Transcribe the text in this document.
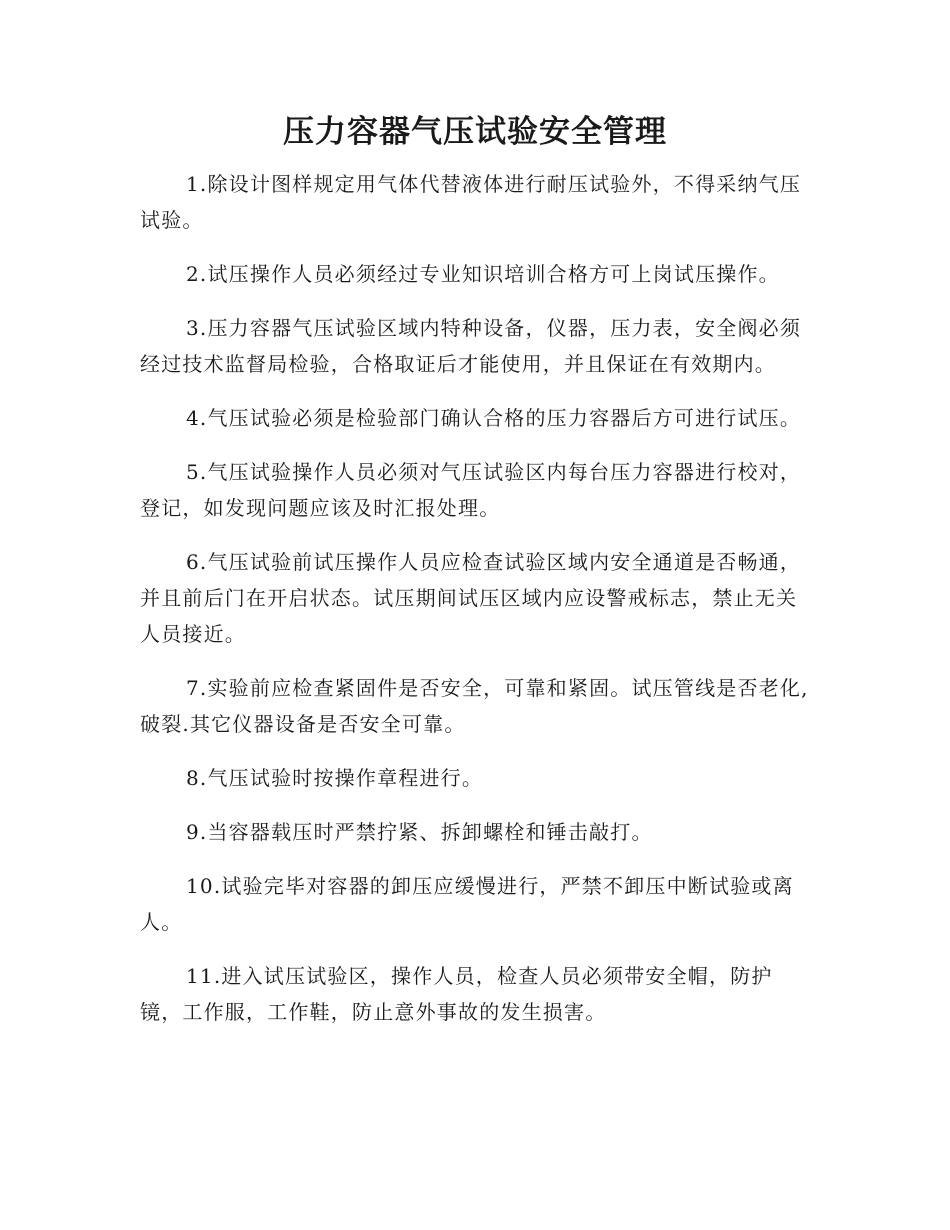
压力容器气压试验安全管理

1.除设计图样规定用气体代替液体进行耐压试验外，不得采纳气压试验。

2.试压操作人员必须经过专业知识培训合格方可上岗试压操作。

3.压力容器气压试验区域内特种设备，仪器，压力表，安全阀必须经过技术监督局检验，合格取证后才能使用，并且保证在有效期内。

4.气压试验必须是检验部门确认合格的压力容器后方可进行试压。

5.气压试验操作人员必须对气压试验区内每台压力容器进行校对，登记，如发现问题应该及时汇报处理。

6.气压试验前试压操作人员应检查试验区域内安全通道是否畅通，并且前后门在开启状态。试压期间试压区域内应设警戒标志，禁止无关人员接近。

7.实验前应检查紧固件是否安全，可靠和紧固。试压管线是否老化,破裂.其它仪器设备是否安全可靠。

8.气压试验时按操作章程进行。

9.当容器载压时严禁拧紧、拆卸螺栓和锤击敲打。

10.试验完毕对容器的卸压应缓慢进行，严禁不卸压中断试验或离人。

11.进入试压试验区，操作人员，检查人员必须带安全帽，防护镜，工作服，工作鞋，防止意外事故的发生损害。
